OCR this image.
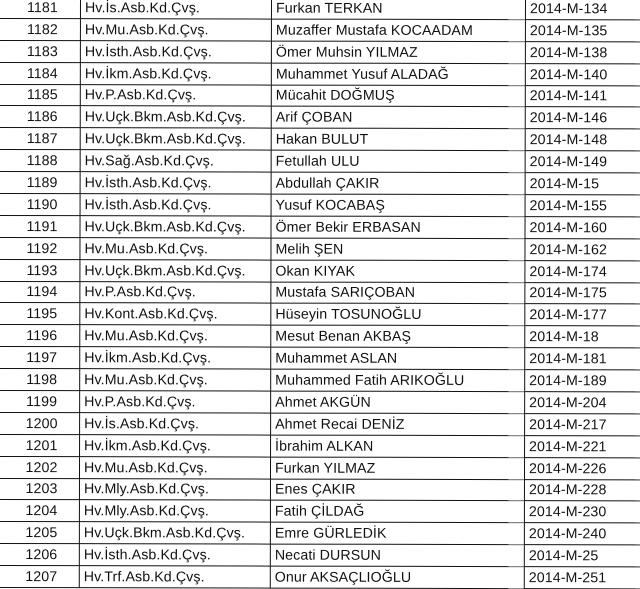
1181	Hv.İs.Asb.Kd.Çvş.	Furkan TERKAN	2014-M-134
1182	Hv.Mu.Asb.Kd.Çvş.	Muzaffer Mustafa KOCAADAM	2014-M-135
1183	Hv.İsth.Asb.Kd.Çvş.	Ömer Muhsin YILMAZ	2014-M-138
1184	Hv.İkm.Asb.Kd.Çvş.	Muhammet Yusuf ALADAĞ	2014-M-140
1185	Hv.P.Asb.Kd.Çvş.	Mücahit DOĞMUŞ	2014-M-141
1186	Hv.Uçk.Bkm.Asb.Kd.Çvş.	Arif ÇOBAN	2014-M-146
1187	Hv.Uçk.Bkm.Asb.Kd.Çvş.	Hakan BULUT	2014-M-148
1188	Hv.Sağ.Asb.Kd.Çvş.	Fetullah ULU	2014-M-149
1189	Hv.İsth.Asb.Kd.Çvş.	Abdullah ÇAKIR	2014-M-15
1190	Hv.İsth.Asb.Kd.Çvş.	Yusuf KOCABAŞ	2014-M-155
1191	Hv.Uçk.Bkm.Asb.Kd.Çvş.	Ömer Bekir ERBASAN	2014-M-160
1192	Hv.Mu.Asb.Kd.Çvş.	Melih ŞEN	2014-M-162
1193	Hv.Uçk.Bkm.Asb.Kd.Çvş.	Okan KIYAK	2014-M-174
1194	Hv.P.Asb.Kd.Çvş.	Mustafa SARIÇOBAN	2014-M-175
1195	Hv.Kont.Asb.Kd.Çvş.	Hüseyin TOSUNOĞLU	2014-M-177
1196	Hv.Mu.Asb.Kd.Çvş.	Mesut Benan AKBAŞ	2014-M-18
1197	Hv.İkm.Asb.Kd.Çvş.	Muhammet ASLAN	2014-M-181
1198	Hv.Mu.Asb.Kd.Çvş.	Muhammed Fatih ARIKOĞLU	2014-M-189
1199	Hv.P.Asb.Kd.Çvş.	Ahmet AKGÜN	2014-M-204
1200	Hv.İs.Asb.Kd.Çvş.	Ahmet Recai DENİZ	2014-M-217
1201	Hv.İkm.Asb.Kd.Çvş.	İbrahim ALKAN	2014-M-221
1202	Hv.Mu.Asb.Kd.Çvş.	Furkan YILMAZ	2014-M-226
1203	Hv.Mly.Asb.Kd.Çvş.	Enes ÇAKIR	2014-M-228
1204	Hv.Mly.Asb.Kd.Çvş.	Fatih ÇİLDAĞ	2014-M-230
1205	Hv.Uçk.Bkm.Asb.Kd.Çvş.	Emre GÜRLEDİK	2014-M-240
1206	Hv.İsth.Asb.Kd.Çvş.	Necati DURSUN	2014-M-25
1207	Hv.Trf.Asb.Kd.Çvş.	Onur AKSAÇLIOĞLU	2014-M-251
